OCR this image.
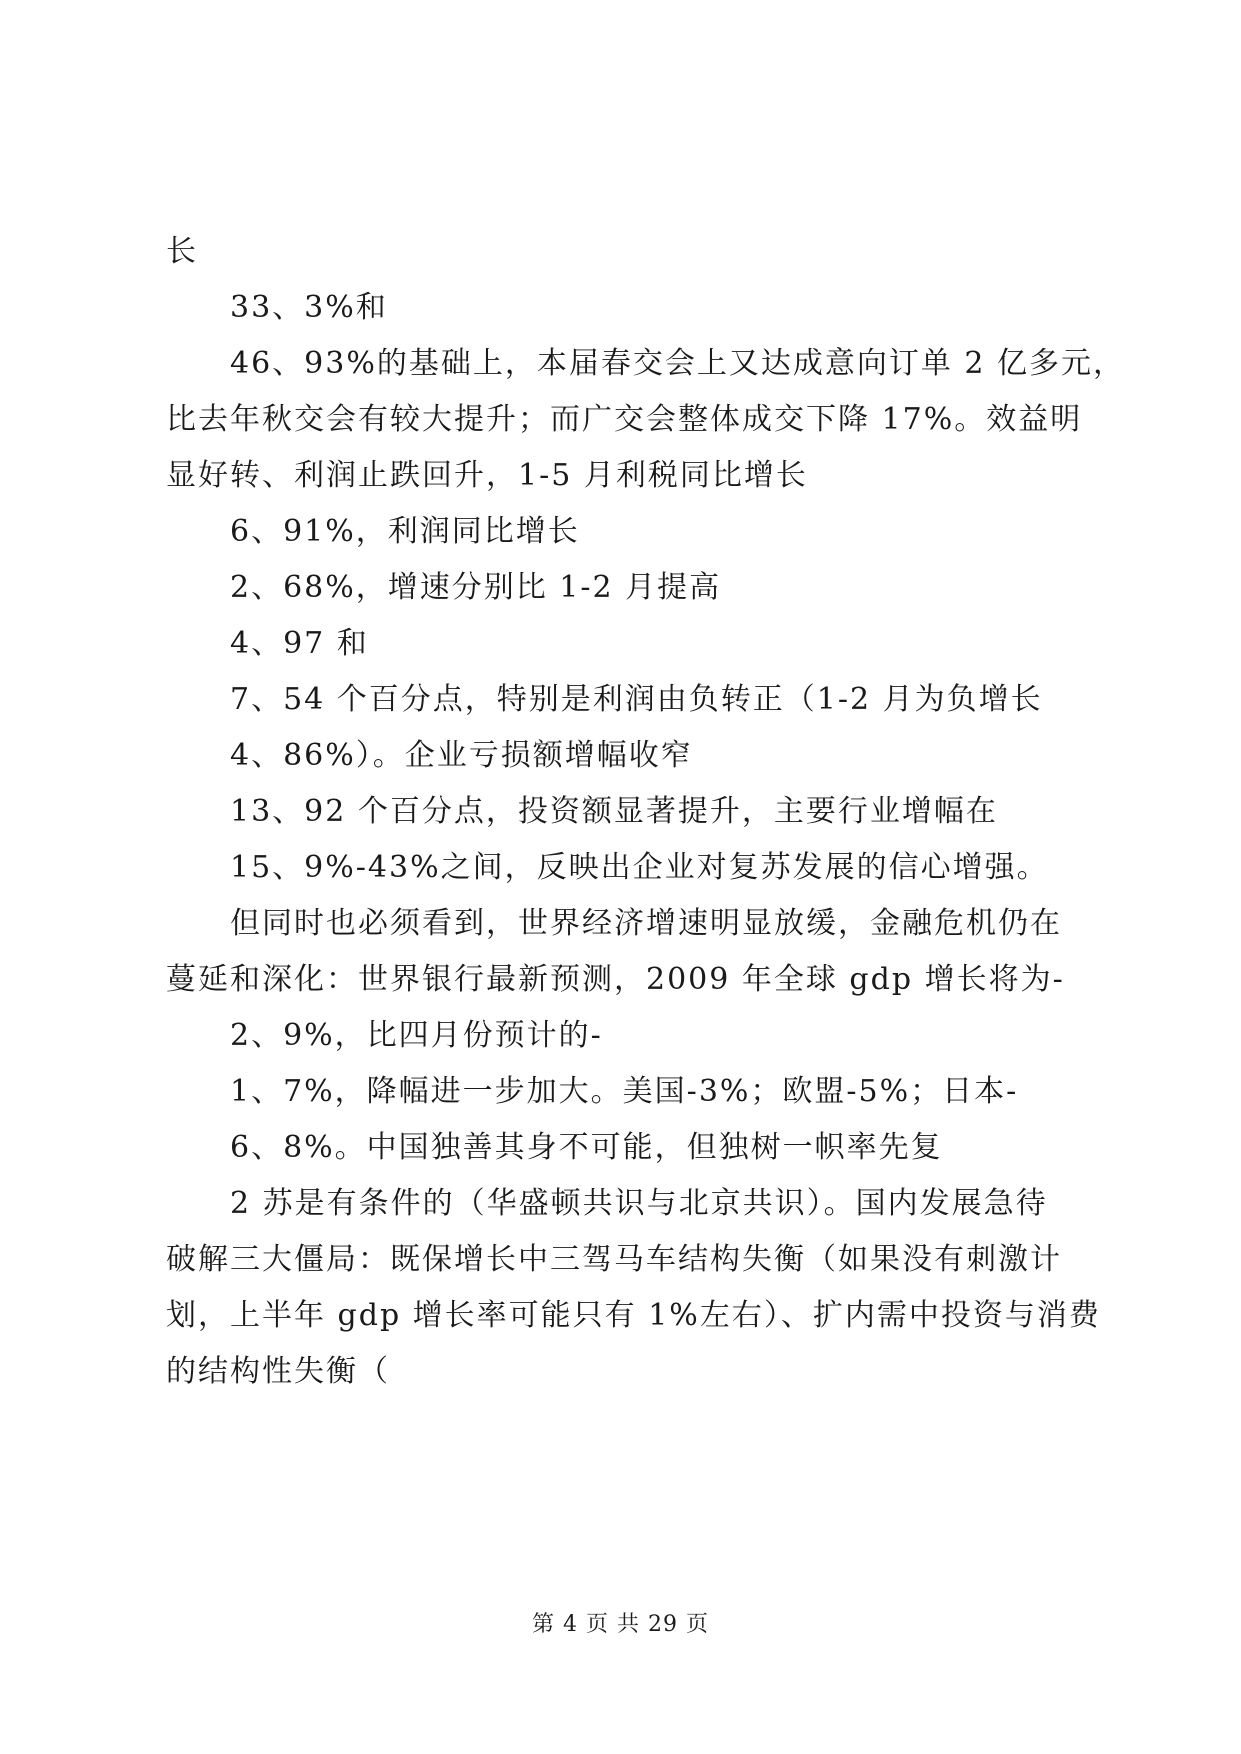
长
33、3%和
46、93%的基础上，本届春交会上又达成意向订单 2 亿多元，
比去年秋交会有较大提升；而广交会整体成交下降 17%。效益明
显好转、利润止跌回升，1-5 月利税同比增长
6、91%，利润同比增长
2、68%，增速分别比 1-2 月提高
4、97 和
7、54 个百分点，特别是利润由负转正（1-2 月为负增长
4、86%）。企业亏损额增幅收窄
13、92 个百分点，投资额显著提升，主要行业增幅在
15、9%-43%之间，反映出企业对复苏发展的信心增强。
但同时也必须看到，世界经济增速明显放缓，金融危机仍在
蔓延和深化：世界银行最新预测，2009 年全球 gdp 增长将为-
2、9%，比四月份预计的-
1、7%，降幅进一步加大。美国-3%；欧盟-5%；日本-
6、8%。中国独善其身不可能，但独树一帜率先复
2 苏是有条件的（华盛顿共识与北京共识）。国内发展急待
破解三大僵局：既保增长中三驾马车结构失衡（如果没有刺激计
划，上半年 gdp 增长率可能只有 1%左右）、扩内需中投资与消费
的结构性失衡（
第 4 页 共 29 页
